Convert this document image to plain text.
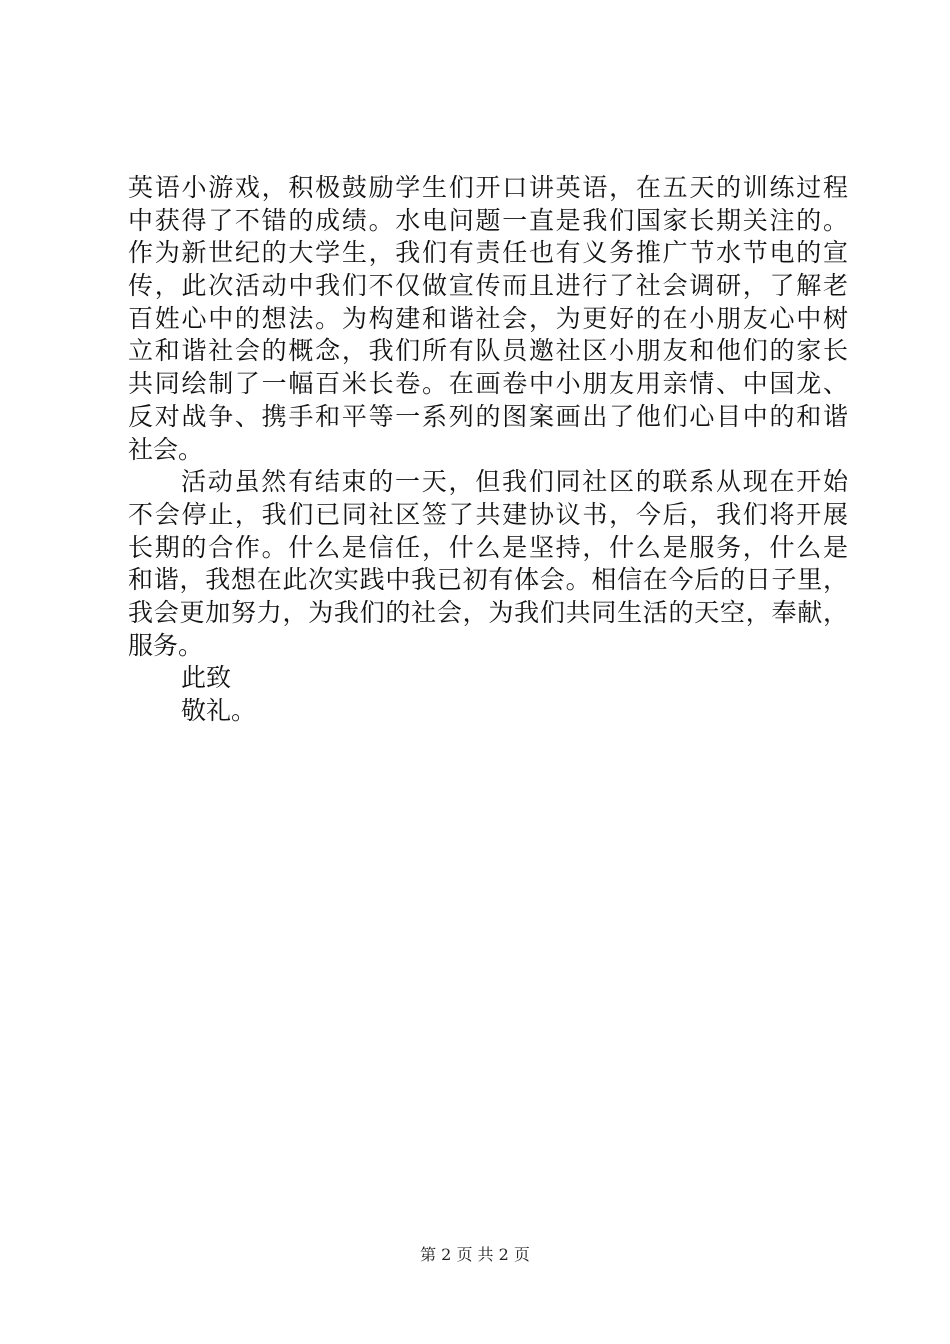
英语小游戏，积极鼓励学生们开口讲英语，在五天的训练过程
中获得了不错的成绩。水电问题一直是我们国家长期关注的。
作为新世纪的大学生，我们有责任也有义务推广节水节电的宣
传，此次活动中我们不仅做宣传而且进行了社会调研，了解老
百姓心中的想法。为构建和谐社会，为更好的在小朋友心中树
立和谐社会的概念，我们所有队员邀社区小朋友和他们的家长
共同绘制了一幅百米长卷。在画卷中小朋友用亲情、中国龙、
反对战争、携手和平等一系列的图案画出了他们心目中的和谐
社会。
活动虽然有结束的一天，但我们同社区的联系从现在开始
不会停止，我们已同社区签了共建协议书，今后，我们将开展
长期的合作。什么是信任，什么是坚持，什么是服务，什么是
和谐，我想在此次实践中我已初有体会。相信在今后的日子里，
我会更加努力，为我们的社会，为我们共同生活的天空，奉献，
服务。
此致
敬礼。
第 2 页 共 2 页
